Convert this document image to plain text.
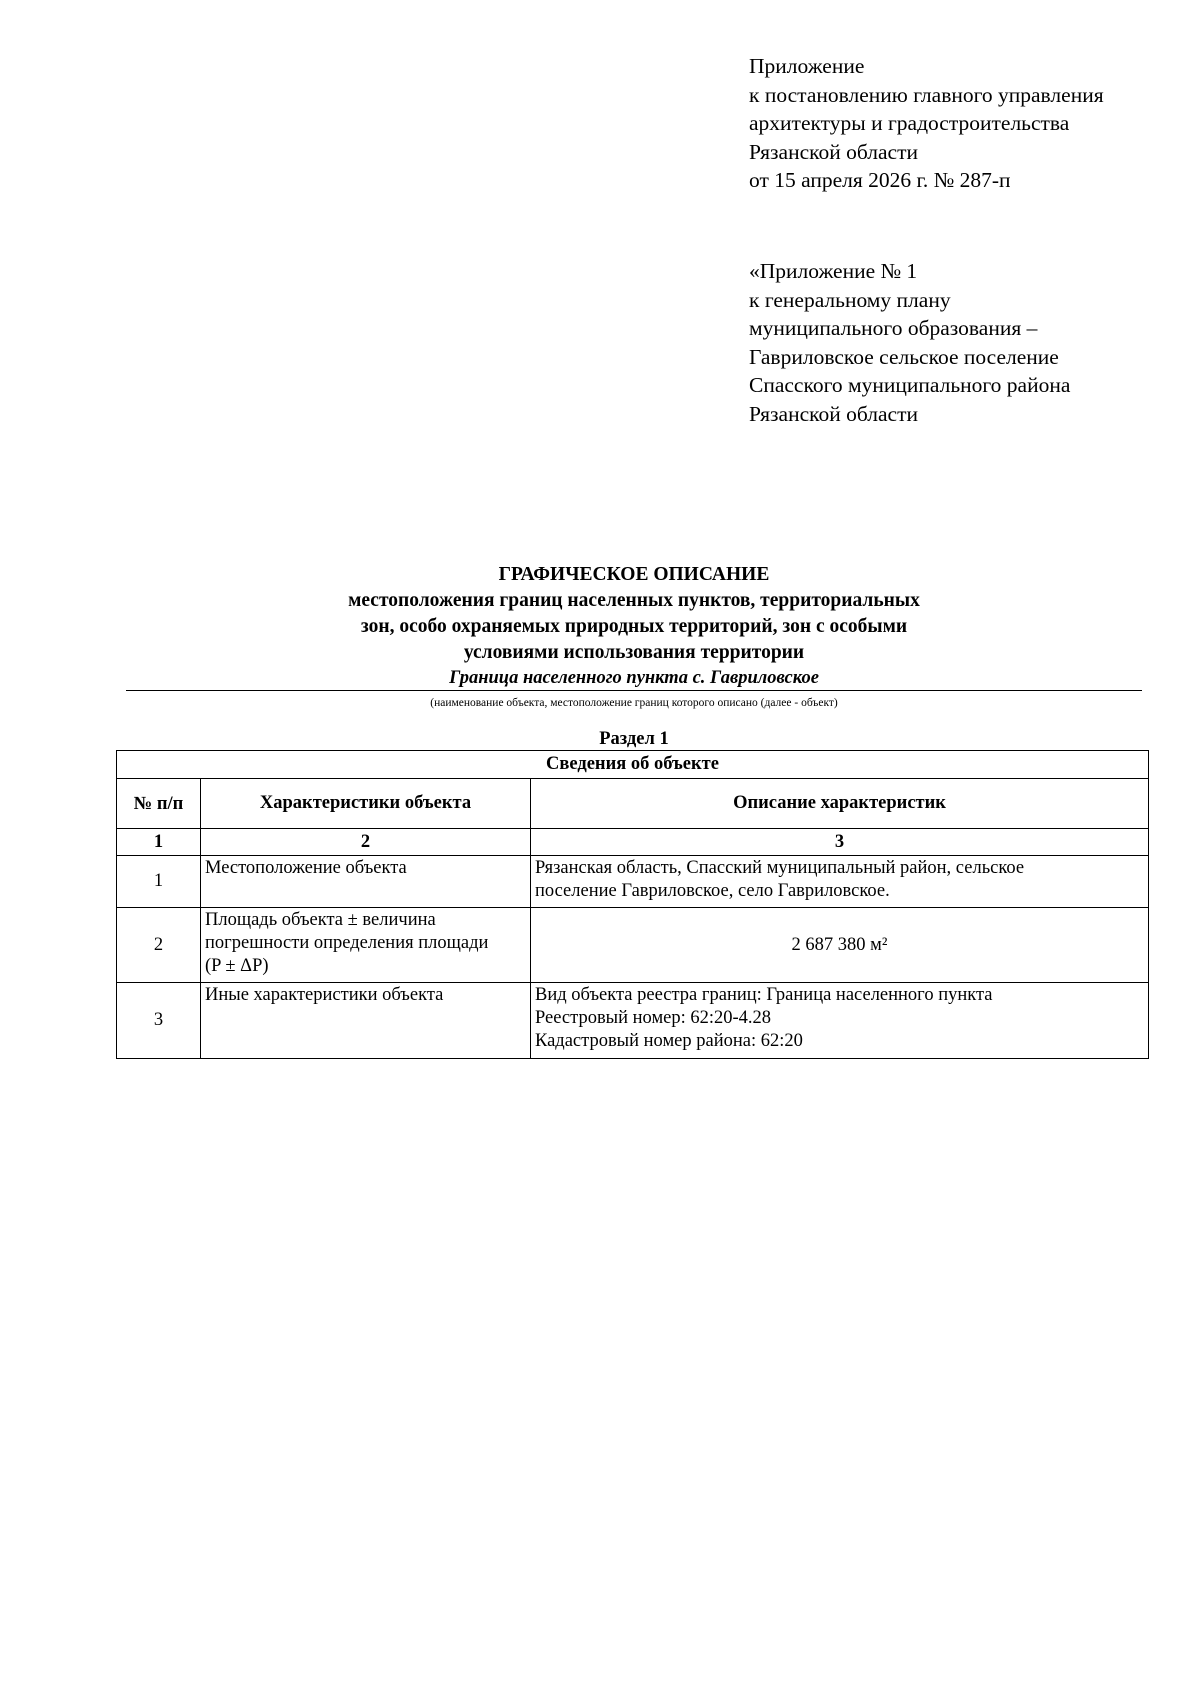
Приложение
к постановлению главного управления
архитектуры и градостроительства
Рязанской области
от 15 апреля 2026 г. № 287-п
«Приложение № 1
к генеральному плану
муниципального образования –
Гавриловское сельское поселение
Спасского муниципального района
Рязанской области
ГРАФИЧЕСКОЕ ОПИСАНИЕ
местоположения границ населенных пунктов, территориальных
зон, особо охраняемых природных территорий, зон с особыми
условиями использования территории
Граница населенного пункта с. Гавриловское
(наименование объекта, местоположение границ которого описано (далее - объект)
Раздел 1
Сведения об объекте		
№ п/п	Характеристики объекта	Описание характеристик
1	2	3
1	Местоположение объекта	Рязанская область, Спасский муниципальный район, сельское
поселение Гавриловское, село Гавриловское.

2	Площадь объекта ± величина
погрешности определения площади
(P ± ΔP)	2 687 380 м²
3	Иные характеристики объекта	Вид объекта реестра границ: Граница населенного пункта
Реестровый номер: 62:20-4.28
Кадастровый номер района: 62:20
